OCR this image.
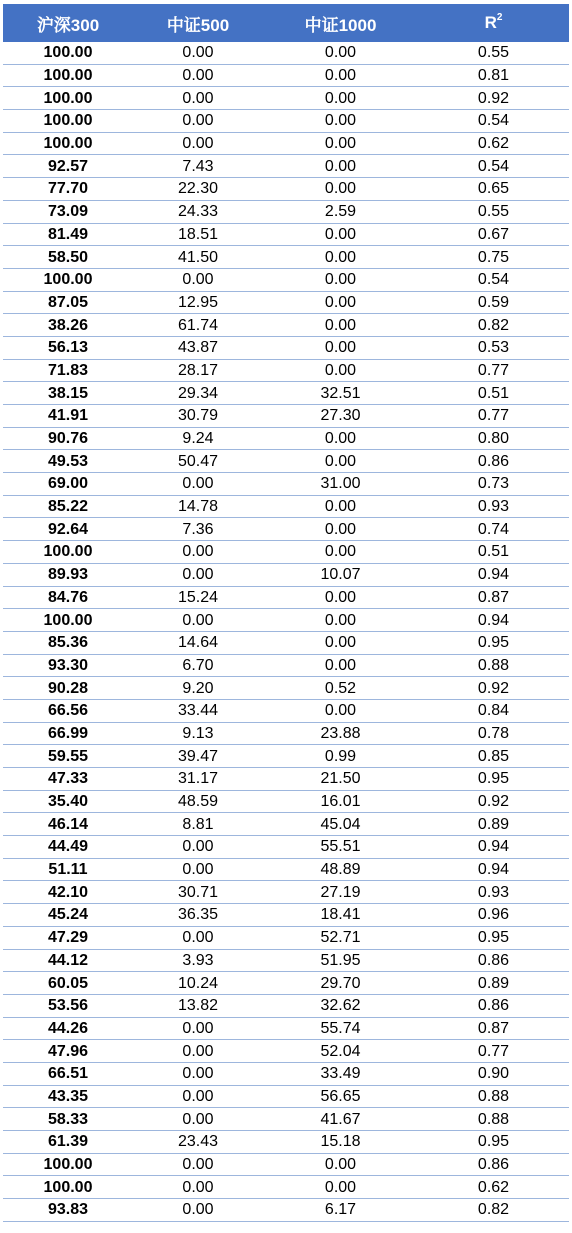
沪深300	中证500	中证1000	$R^2$
100.00	0.00	0.00	0.55
100.00	0.00	0.00	0.81
100.00	0.00	0.00	0.92
100.00	0.00	0.00	0.54
100.00	0.00	0.00	0.62
92.57	7.43	0.00	0.54
77.70	22.30	0.00	0.65
73.09	24.33	2.59	0.55
81.49	18.51	0.00	0.67
58.50	41.50	0.00	0.75
100.00	0.00	0.00	0.54
87.05	12.95	0.00	0.59
38.26	61.74	0.00	0.82
56.13	43.87	0.00	0.53
71.83	28.17	0.00	0.77
38.15	29.34	32.51	0.51
41.91	30.79	27.30	0.77
90.76	9.24	0.00	0.80
49.53	50.47	0.00	0.86
69.00	0.00	31.00	0.73
85.22	14.78	0.00	0.93
92.64	7.36	0.00	0.74
100.00	0.00	0.00	0.51
89.93	0.00	10.07	0.94
84.76	15.24	0.00	0.87
100.00	0.00	0.00	0.94
85.36	14.64	0.00	0.95
93.30	6.70	0.00	0.88
90.28	9.20	0.52	0.92
66.56	33.44	0.00	0.84
66.99	9.13	23.88	0.78
59.55	39.47	0.99	0.85
47.33	31.17	21.50	0.95
35.40	48.59	16.01	0.92
46.14	8.81	45.04	0.89
44.49	0.00	55.51	0.94
51.11	0.00	48.89	0.94
42.10	30.71	27.19	0.93
45.24	36.35	18.41	0.96
47.29	0.00	52.71	0.95
44.12	3.93	51.95	0.86
60.05	10.24	29.70	0.89
53.56	13.82	32.62	0.86
44.26	0.00	55.74	0.87
47.96	0.00	52.04	0.77
66.51	0.00	33.49	0.90
43.35	0.00	56.65	0.88
58.33	0.00	41.67	0.88
61.39	23.43	15.18	0.95
100.00	0.00	0.00	0.86
100.00	0.00	0.00	0.62
93.83	0.00	6.17	0.82
